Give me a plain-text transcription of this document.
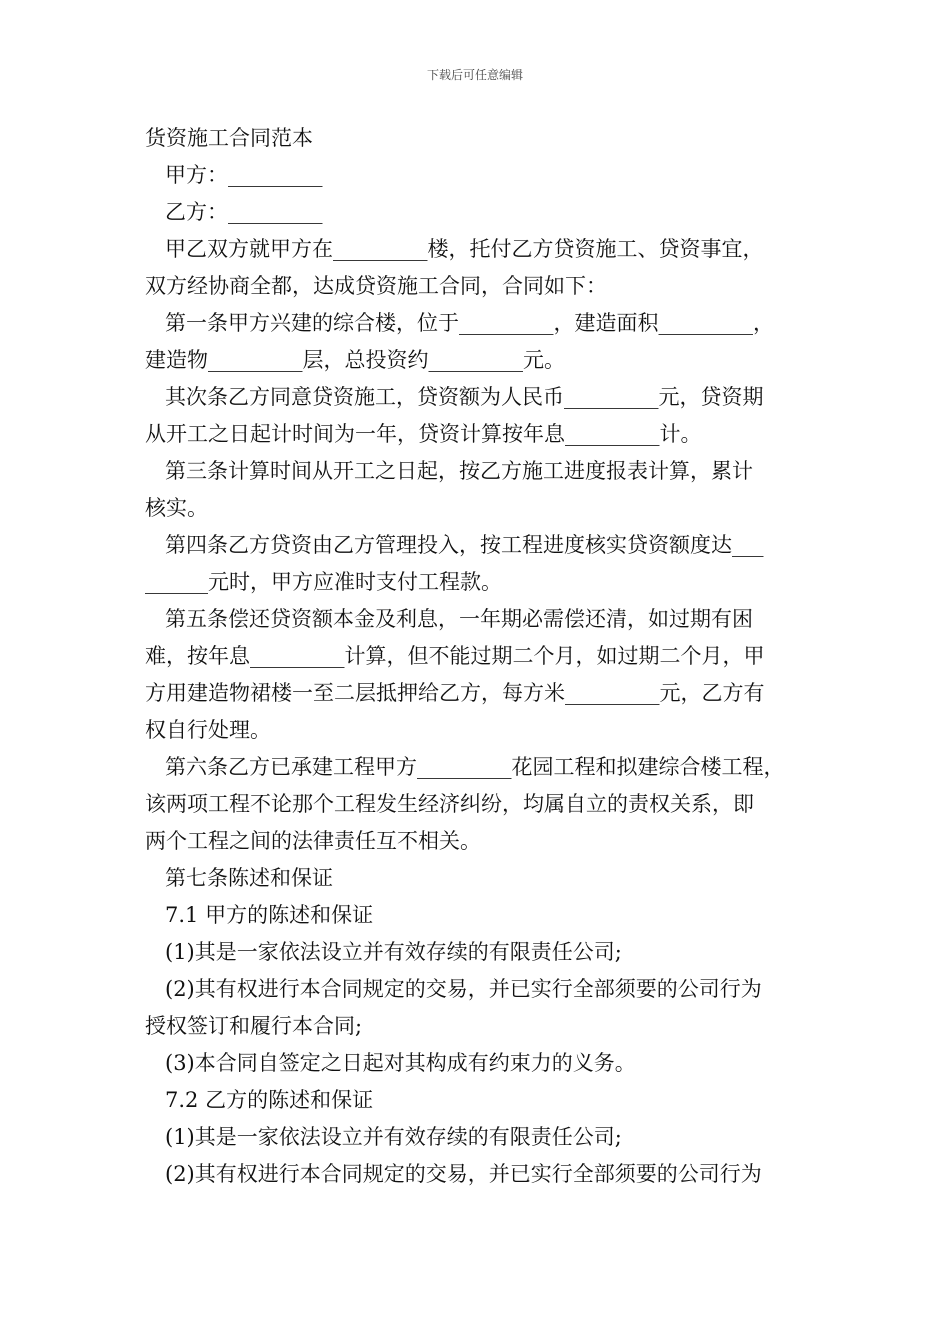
下载后可任意编辑
货资施工合同范本
甲方：_________
乙方：_________
甲乙双方就甲方在_________楼，托付乙方贷资施工、贷资事宜，
双方经协商全都，达成贷资施工合同，合同如下：
第一条甲方兴建的综合楼，位于_________，建造面积_________，
建造物_________层，总投资约_________元。
其次条乙方同意贷资施工，贷资额为人民币_________元，贷资期
从开工之日起计时间为一年，贷资计算按年息_________计。
第三条计算时间从开工之日起，按乙方施工进度报表计算，累计
核实。
第四条乙方贷资由乙方管理投入，按工程进度核实贷资额度达___
______元时，甲方应准时支付工程款。
第五条偿还贷资额本金及利息，一年期必需偿还清，如过期有困
难，按年息_________计算，但不能过期二个月，如过期二个月，甲
方用建造物裙楼一至二层抵押给乙方，每方米_________元，乙方有
权自行处理。
第六条乙方已承建工程甲方_________花园工程和拟建综合楼工程，
该两项工程不论那个工程发生经济纠纷，均属自立的责权关系，即
两个工程之间的法律责任互不相关。
第七条陈述和保证
7.1 甲方的陈述和保证
(1)其是一家依法设立并有效存续的有限责任公司;
(2)其有权进行本合同规定的交易，并已实行全部须要的公司行为
授权签订和履行本合同;
(3)本合同自签定之日起对其构成有约束力的义务。
7.2 乙方的陈述和保证
(1)其是一家依法设立并有效存续的有限责任公司;
(2)其有权进行本合同规定的交易，并已实行全部须要的公司行为
